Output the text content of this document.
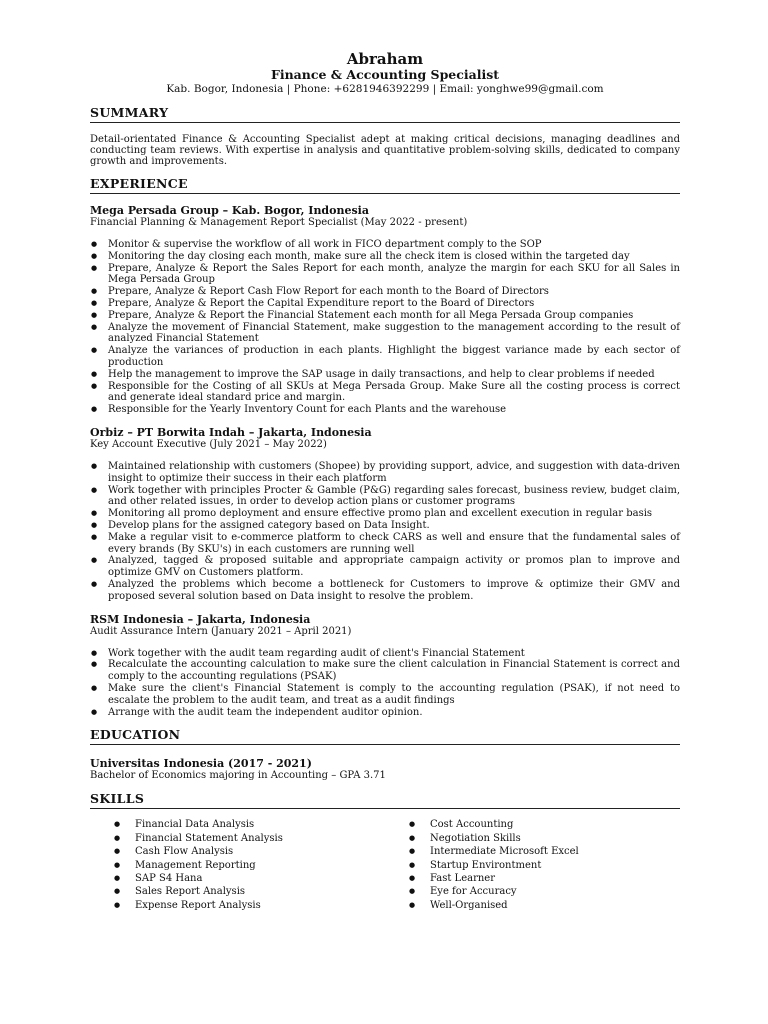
Abraham
Finance & Accounting Specialist
Kab. Bogor, Indonesia | Phone: +6281946392299 | Email: yonghwe99@gmail.com
SUMMARY
Detail-orientated Finance & Accounting Specialist adept at making critical decisions, managing deadlines and conducting team reviews. With expertise in analysis and quantitative problem-solving skills, dedicated to company growth and improvements.
EXPERIENCE
Mega Persada Group – Kab. Bogor, Indonesia
Financial Planning & Management Report Specialist (May 2022 - present)
● Monitor & supervise the workflow of all work in FICO department comply to the SOP
● Monitoring the day closing each month, make sure all the check item is closed within the targeted day
● Prepare, Analyze & Report the Sales Report for each month, analyze the margin for each SKU for all Sales in Mega Persada Group
● Prepare, Analyze & Report Cash Flow Report for each month to the Board of Directors
● Prepare, Analyze & Report the Capital Expenditure report to the Board of Directors
● Prepare, Analyze & Report the Financial Statement each month for all Mega Persada Group companies
● Analyze the movement of Financial Statement, make suggestion to the management according to the result of analyzed Financial Statement
● Analyze the variances of production in each plants. Highlight the biggest variance made by each sector of production
● Help the management to improve the SAP usage in daily transactions, and help to clear problems if needed
● Responsible for the Costing of all SKUs at Mega Persada Group. Make Sure all the costing process is correct and generate ideal standard price and margin.
● Responsible for the Yearly Inventory Count for each Plants and the warehouse
Orbiz – PT Borwita Indah – Jakarta, Indonesia
Key Account Executive (July 2021 – May 2022)
● Maintained relationship with customers (Shopee) by providing support, advice, and suggestion with data-driven insight to optimize their success in their each platform
● Work together with principles Procter & Gamble (P&G) regarding sales forecast, business review, budget claim, and other related issues, in order to develop action plans or customer programs
● Monitoring all promo deployment and ensure effective promo plan and excellent execution in regular basis
● Develop plans for the assigned category based on Data Insight.
● Make a regular visit to e-commerce platform to check CARS as well and ensure that the fundamental sales of every brands (By SKU's) in each customers are running well
● Analyzed, tagged & proposed suitable and appropriate campaign activity or promos plan to improve and optimize GMV on Customers platform.
● Analyzed the problems which become a bottleneck for Customers to improve & optimize their GMV and proposed several solution based on Data insight to resolve the problem.
RSM Indonesia – Jakarta, Indonesia
Audit Assurance Intern (January 2021 – April 2021)
● Work together with the audit team regarding audit of client's Financial Statement
● Recalculate the accounting calculation to make sure the client calculation in Financial Statement is correct and comply to the accounting regulations (PSAK)
● Make sure the client's Financial Statement is comply to the accounting regulation (PSAK), if not need to escalate the problem to the audit team, and treat as a audit findings
● Arrange with the audit team the independent auditor opinion.
EDUCATION
Universitas Indonesia (2017 - 2021)
Bachelor of Economics majoring in Accounting – GPA 3.71
SKILLS
● Financial Data Analysis
● Financial Statement Analysis
● Cash Flow Analysis
● Management Reporting
● SAP S4 Hana
● Sales Report Analysis
● Expense Report Analysis
● Cost Accounting
● Negotiation Skills
● Intermediate Microsoft Excel
● Startup Environtment
● Fast Learner
● Eye for Accuracy
● Well-Organised
